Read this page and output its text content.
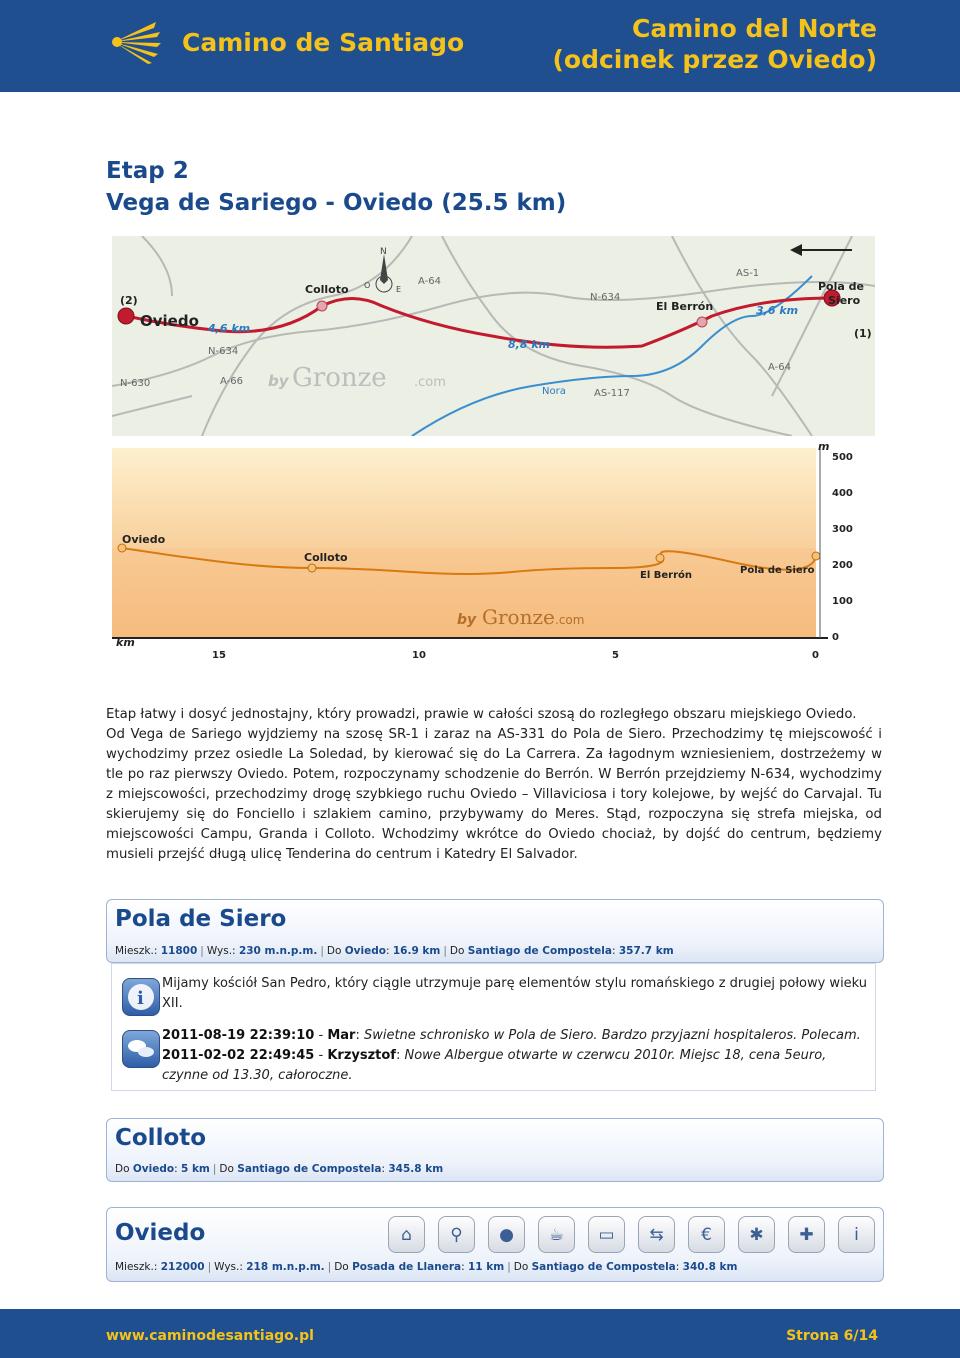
Camino de Santiago	Camino del Norte (odcinek przez Oviedo)
Etap 2
Vega de Sariego - Oviedo (25.5 km)
(2)
Oviedo 4,6 km
N-634
N-630	A-66
Colloto O	E
N
A-64
8,8 km
N-634
El Berrón	3,6 km
AS-1
Pola de
Siero
(1)
A-64
Nora	AS-117
by Gronze .com
Oviedo
Colloto
El Berrón	Pola de Siero
by Gronze .com
m
km
500
400
300
200
100
0
15	10	5	0

Etap łatwy i dosyć jednostajny, który prowadzi, prawie w całości szosą do rozległego obszaru miejskiego Oviedo.

Od Vega de Sariego wyjdziemy na szosę SR-1 i zaraz na AS-331 do Pola de Siero. Przechodzimy tę miejscowość i wychodzimy przez osiedle La Soledad, by kierować się do La Carrera. Za łagodnym wzniesieniem, dostrzeżemy w tle po raz pierwszy Oviedo. Potem, rozpoczynamy schodzenie do Berrón. W Berrón przejdziemy N-634, wychodzimy z miejscowości, przechodzimy drogę szybkiego ruchu Oviedo – Villaviciosa i tory kolejowe, by wejść do Carvajal. Tu skierujemy się do Fonciello i szlakiem camino, przybywamy do Meres. Stąd, rozpoczyna się strefa miejska, od miejscowości Campu, Granda i Colloto. Wchodzimy wkrótce do Oviedo chociaż, by dojść do centrum, będziemy musieli przejść długą ulicę Tenderina do centrum i Katedry El Salvador.

Pola de Siero
Mieszk.: 11800 | Wys.: 230 m.n.p.m. | Do Oviedo: 16.9 km | Do Santiago de Compostela: 357.7 km
i
Mijamy kościół San Pedro, który ciągle utrzymuje parę elementów stylu romańskiego z drugiej połowy wieku XII.
2011-08-19 22:39:10 - Mar: Swietne schronisko w Pola de Siero. Bardzo przyjazni hospitaleros. Polecam.
2011-02-02 22:49:45 - Krzysztof: Nowe Albergue otwarte w czerwcu 2010r. Miejsc 18, cena 5euro, czynne od 13.30, całoroczne.
Colloto
Do Oviedo: 5 km | Do Santiago de Compostela: 345.8 km
Oviedo	⌂	⚲	●	☕	▭	⇆	€	✱	✚	i
Mieszk.: 212000 | Wys.: 218 m.n.p.m. | Do Posada de Llanera: 11 km | Do Santiago de Compostela: 340.8 km
www.caminodesantiago.pl	Strona 6/14
